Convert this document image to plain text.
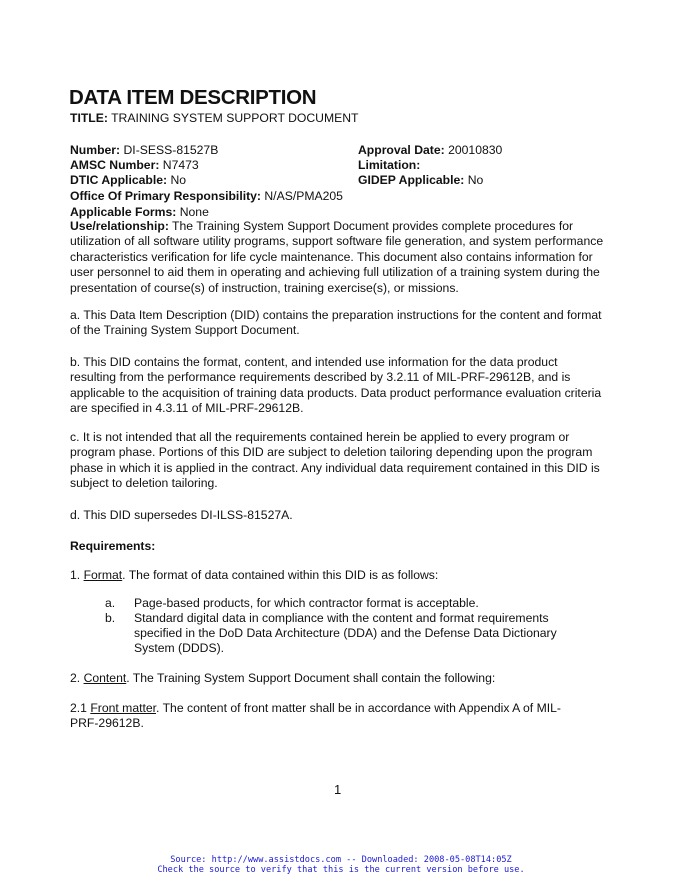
DATA ITEM DESCRIPTION
TITLE: TRAINING SYSTEM SUPPORT DOCUMENT
Number: DI-SESS-81527B	Approval Date: 20010830
AMSC Number: N7473	Limitation:
DTIC Applicable: No	GIDEP Applicable: No
Office Of Primary Responsibility: N/AS/PMA205
Applicable Forms: None
Use/relationship: The Training System Support Document provides complete procedures for utilization of all software utility programs, support software file generation, and system performance characteristics verification for life cycle maintenance. This document also contains information for user personnel to aid them in operating and achieving full utilization of a training system during the presentation of course(s) of instruction, training exercise(s), or missions.
a. This Data Item Description (DID) contains the preparation instructions for the content and format of the Training System Support Document.
b. This DID contains the format, content, and intended use information for the data product resulting from the performance requirements described by 3.2.11 of MIL-PRF-29612B, and is applicable to the acquisition of training data products. Data product performance evaluation criteria are specified in 4.3.11 of MIL-PRF-29612B.
c. It is not intended that all the requirements contained herein be applied to every program or program phase. Portions of this DID are subject to deletion tailoring depending upon the program phase in which it is applied in the contract. Any individual data requirement contained in this DID is subject to deletion tailoring.
d. This DID supersedes DI-ILSS-81527A.
Requirements:
1. Format. The format of data contained within this DID is as follows:
a. Page-based products, for which contractor format is acceptable.
b. Standard digital data in compliance with the content and format requirements
specified in the DoD Data Architecture (DDA) and the Defense Data Dictionary
System (DDDS).
2. Content. The Training System Support Document shall contain the following:
2.1 Front matter. The content of front matter shall be in accordance with Appendix A of MIL-PRF-29612B.
1
Source: http://www.assistdocs.com -- Downloaded: 2008-05-08T14:05Z
Check the source to verify that this is the current version before use.
